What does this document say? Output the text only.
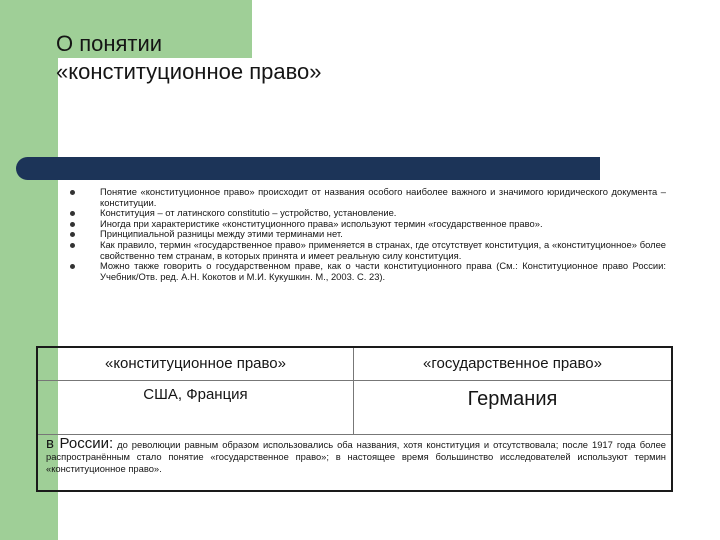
О понятии
«конституционное право»
Понятие «конституционное право» происходит от названия особого наиболее важного и значимого юридического документа – конституции.
Конституция – от латинского constitutio – устройство, установление.
Иногда при характеристике «конституционного права» используют термин «государственное право».
Принципиальной разницы между этими терминами нет.
Как правило, термин «государственное право» применяется в странах, где отсутствует конституция, а «конституционное» более свойственно тем странам, в которых принята и имеет реальную силу конституция.
Можно также говорить о государственном праве, как о части конституционного права (См.: Конституционное право России: Учебник/Отв. ред. А.Н. Кокотов и М.И. Кукушкин. М., 2003. С. 23).
«конституционное право»	«государственное право»
США, Франция	Германия
в России: до революции равным образом использовались оба названия, хотя конституция и отсутствовала; после 1917 года более распространённым стало понятие «государственное право»; в настоящее время большинство исследователей используют термин «конституционное право».
